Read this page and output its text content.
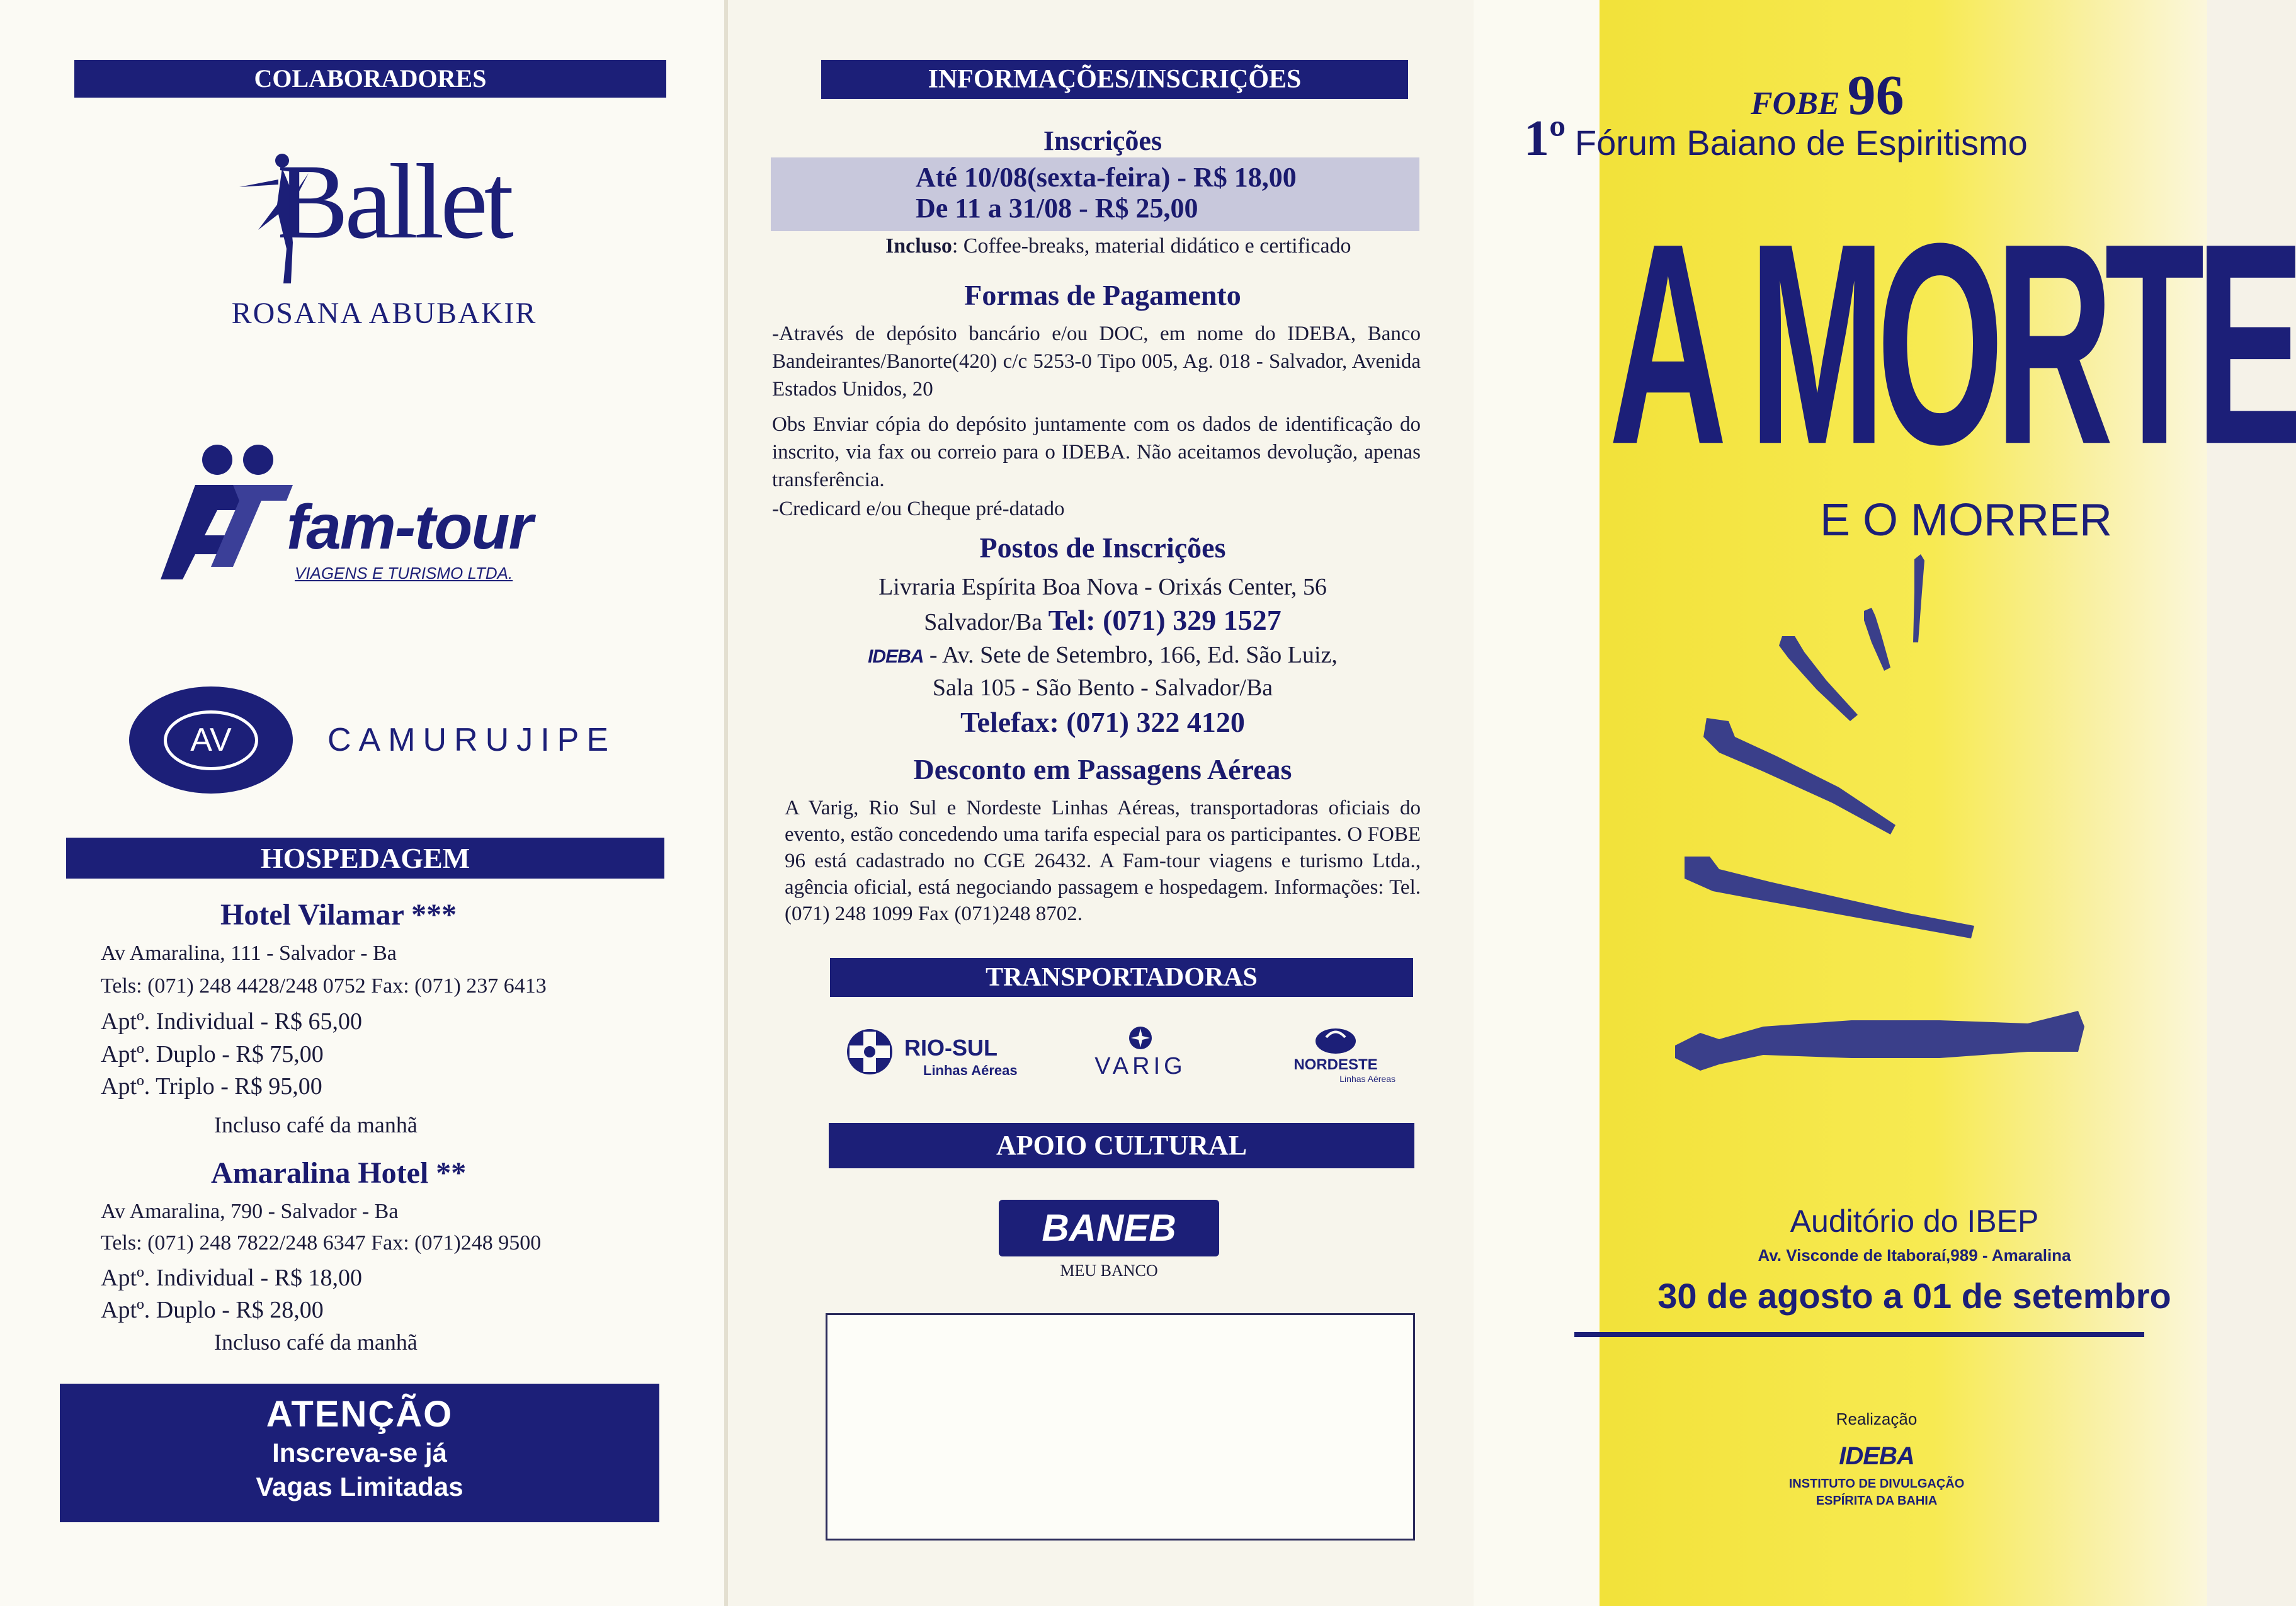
COLABORADORES
Ballet
ROSANA ABUBAKIR
fam-tour
VIAGENS E TURISMO LTDA.
AV	CAMURUJIPE
HOSPEDAGEM
Hotel Vilamar ***
Av Amaralina, 111 - Salvador - Ba
Tels: (071) 248 4428/248 0752 Fax: (071) 237 6413
Aptº. Individual - R$ 65,00
Aptº. Duplo - R$ 75,00
Aptº. Triplo - R$ 95,00
Incluso café da manhã
Amaralina Hotel **
Av Amaralina, 790 - Salvador - Ba
Tels: (071) 248 7822/248 6347 Fax: (071)248 9500
Aptº. Individual - R$ 18,00
Aptº. Duplo - R$ 28,00
Incluso café da manhã
ATENÇÃO
Inscreva-se já
Vagas Limitadas
INFORMAÇÕES/INSCRIÇÕES
Inscrições
Até 10/08(sexta-feira) - R$ 18,00
De 11 a 31/08 - R$ 25,00
Incluso: Coffee-breaks, material didático e certificado
Formas de Pagamento
-Através de depósito bancário e/ou DOC, em nome do IDEBA, Banco Bandeirantes/Banorte(420) c/c 5253-0 Tipo 005, Ag. 018 - Salvador, Avenida Estados Unidos, 20
Obs Enviar cópia do depósito juntamente com os dados de identificação do inscrito, via fax ou correio para o IDEBA. Não aceitamos devolução, apenas transferência.
-Credicard e/ou Cheque pré-datado
Postos de Inscrições
Livraria Espírita Boa Nova - Orixás Center, 56
Salvador/Ba Tel: (071) 329 1527
IDEBA - Av. Sete de Setembro, 166, Ed. São Luiz,
Sala 105 - São Bento - Salvador/Ba
Telefax: (071) 322 4120
Desconto em Passagens Aéreas
A Varig, Rio Sul e Nordeste Linhas Aéreas, transportadoras oficiais do evento, estão concedendo uma tarifa especial para os participantes. O FOBE 96 está cadastrado no CGE 26432. A Fam-tour viagens e turismo Ltda., agência oficial, está negociando passagem e hospedagem. Informações: Tel. (071) 248 1099 Fax (071)248 8702.
TRANSPORTADORAS
RIO-SUL
Linhas Aéreas	VARIG	NORDESTE
Linhas Aéreas
APOIO CULTURAL
BANEB
MEU BANCO
FOBE 96
1º Fórum Baiano de Espiritismo
A MORTE
E O MORRER
Auditório do IBEP
Av. Visconde de Itaboraí,989 - Amaralina
30 de agosto a 01 de setembro
Realização
IDEBA
INSTITUTO DE DIVULGAÇÃO
ESPÍRITA DA BAHIA
